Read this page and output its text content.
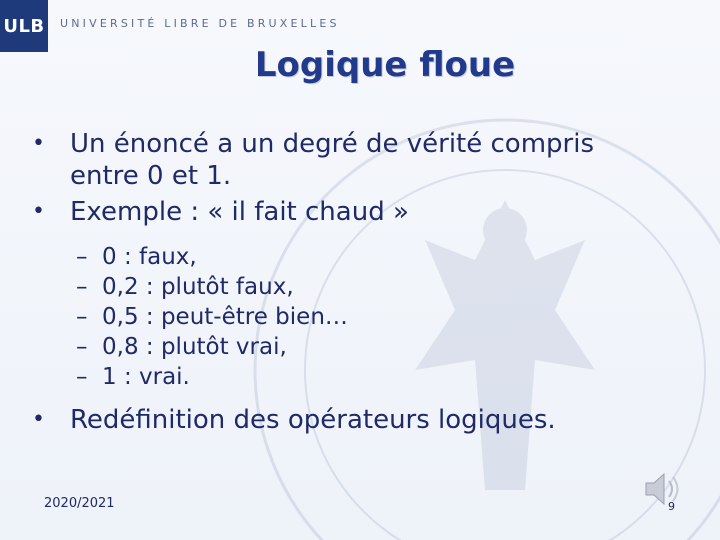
ULB UNIVERSITÉ LIBRE DE BRUXELLES
Logique floue
• Un énoncé a un degré de vérité compris entre 0 et 1.
• Exemple : « il fait chaud »
– 0 : faux,
– 0,2 : plutôt faux,
– 0,5 : peut-être bien…
– 0,8 : plutôt vrai,
– 1 : vrai.
• Redéfinition des opérateurs logiques.
2020/2021	9
